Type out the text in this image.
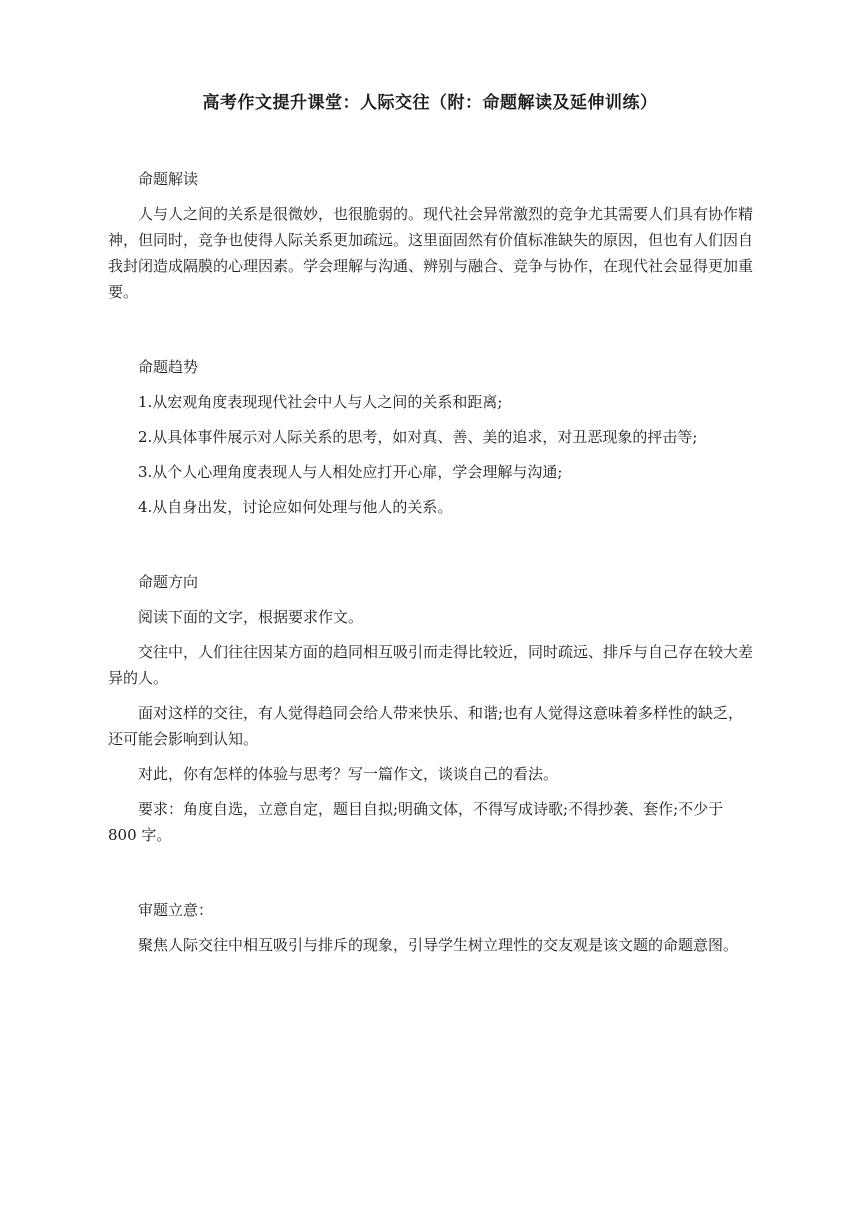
高考作文提升课堂：人际交往（附：命题解读及延伸训练）

命题解读

人与人之间的关系是很微妙，也很脆弱的。现代社会异常激烈的竞争尤其需要人们具有协作精神，但同时，竞争也使得人际关系更加疏远。这里面固然有价值标准缺失的原因，但也有人们因自我封闭造成隔膜的心理因素。学会理解与沟通、辨别与融合、竞争与协作，在现代社会显得更加重要。

命题趋势

1.从宏观角度表现现代社会中人与人之间的关系和距离;

2.从具体事件展示对人际关系的思考，如对真、善、美的追求，对丑恶现象的抨击等;

3.从个人心理角度表现人与人相处应打开心扉，学会理解与沟通;

4.从自身出发，讨论应如何处理与他人的关系。

命题方向

阅读下面的文字，根据要求作文。

交往中，人们往往因某方面的趋同相互吸引而走得比较近，同时疏远、排斥与自己存在较大差异的人。

面对这样的交往，有人觉得趋同会给人带来快乐、和谐;也有人觉得这意味着多样性的缺乏，还可能会影响到认知。

对此，你有怎样的体验与思考？写一篇作文，谈谈自己的看法。

要求：角度自选，立意自定，题目自拟;明确文体，不得写成诗歌;不得抄袭、套作;不少于 800 字。

审题立意：

聚焦人际交往中相互吸引与排斥的现象，引导学生树立理性的交友观是该文题的命题意图。
